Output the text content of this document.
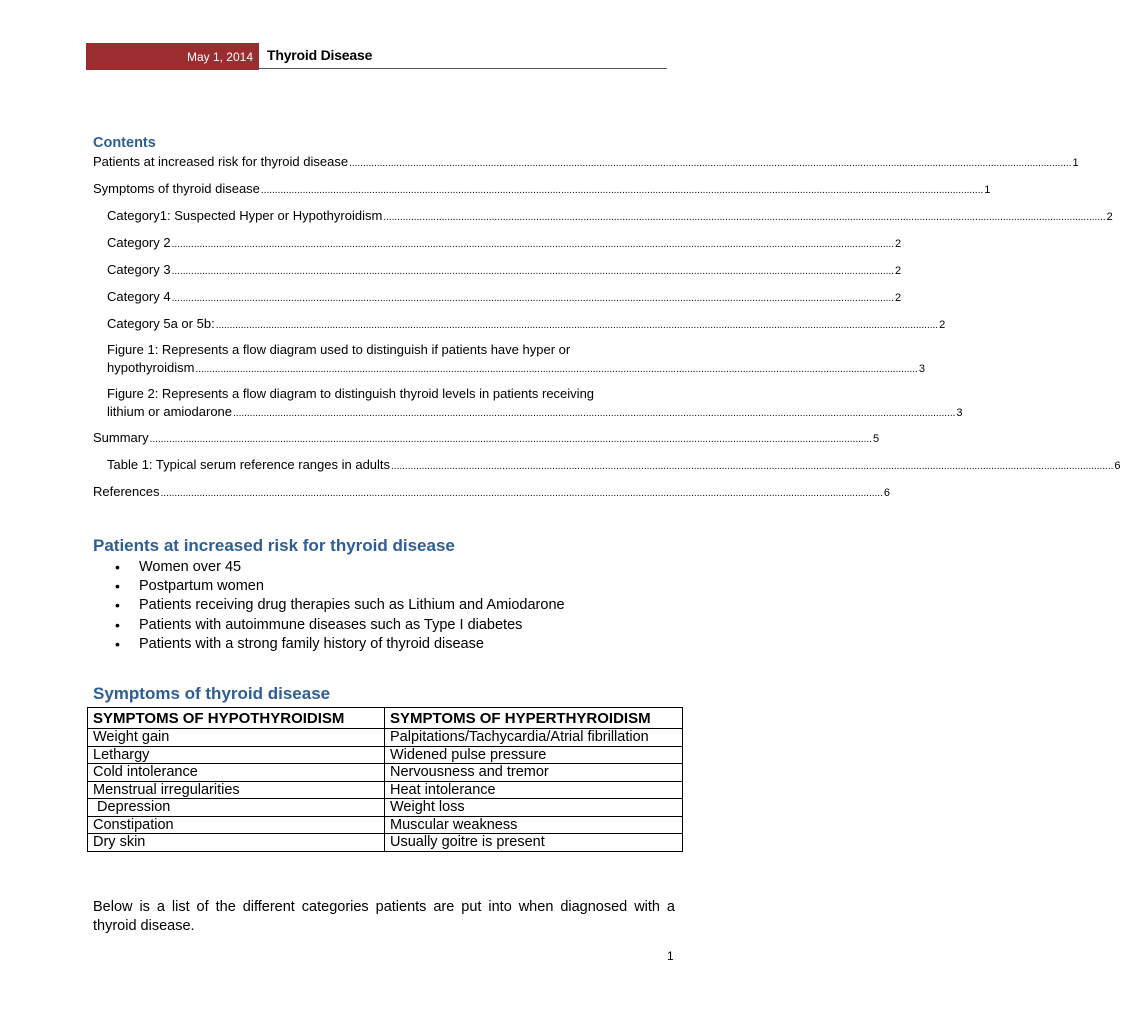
May 1, 2014 Thyroid Disease
Contents
Patients at increased risk for thyroid disease .................................................................................................................................................................................................................................................................... 1
Symptoms of thyroid disease .................................................................................................................................................................................................................................................................... 1
Category1: Suspected Hyper or Hypothyroidism .................................................................................................................................................................................................................................................................... 2
Category 2 .................................................................................................................................................................................................................................................................... 2
Category 3 .................................................................................................................................................................................................................................................................... 2
Category 4 .................................................................................................................................................................................................................................................................... 2
Category 5a or 5b: .................................................................................................................................................................................................................................................................... 2
Figure 1: Represents a flow diagram used to distinguish if patients have hyper or
hypothyroidism .................................................................................................................................................................................................................................................................... 3
Figure 2: Represents a flow diagram to distinguish thyroid levels in patients receiving
lithium or amiodarone .................................................................................................................................................................................................................................................................... 3
Summary .................................................................................................................................................................................................................................................................... 5
Table 1: Typical serum reference ranges in adults .................................................................................................................................................................................................................................................................... 6
References .................................................................................................................................................................................................................................................................... 6
Patients at increased risk for thyroid disease
• Women over 45
• Postpartum women
• Patients receiving drug therapies such as Lithium and Amiodarone
• Patients with autoimmune diseases such as Type I diabetes
• Patients with a strong family history of thyroid disease
Symptoms of thyroid disease
SYMPTOMS OF HYPOTHYROIDISM	SYMPTOMS OF HYPERTHYROIDISM
Weight gain	Palpitations/Tachycardia/Atrial fibrillation
Lethargy	Widened pulse pressure
Cold intolerance	Nervousness and tremor
Menstrual irregularities	Heat intolerance
Depression	Weight loss
Constipation	Muscular weakness
Dry skin	Usually goitre is present
Below is a list of the different categories patients are put into when diagnosed with a thyroid disease.
1
